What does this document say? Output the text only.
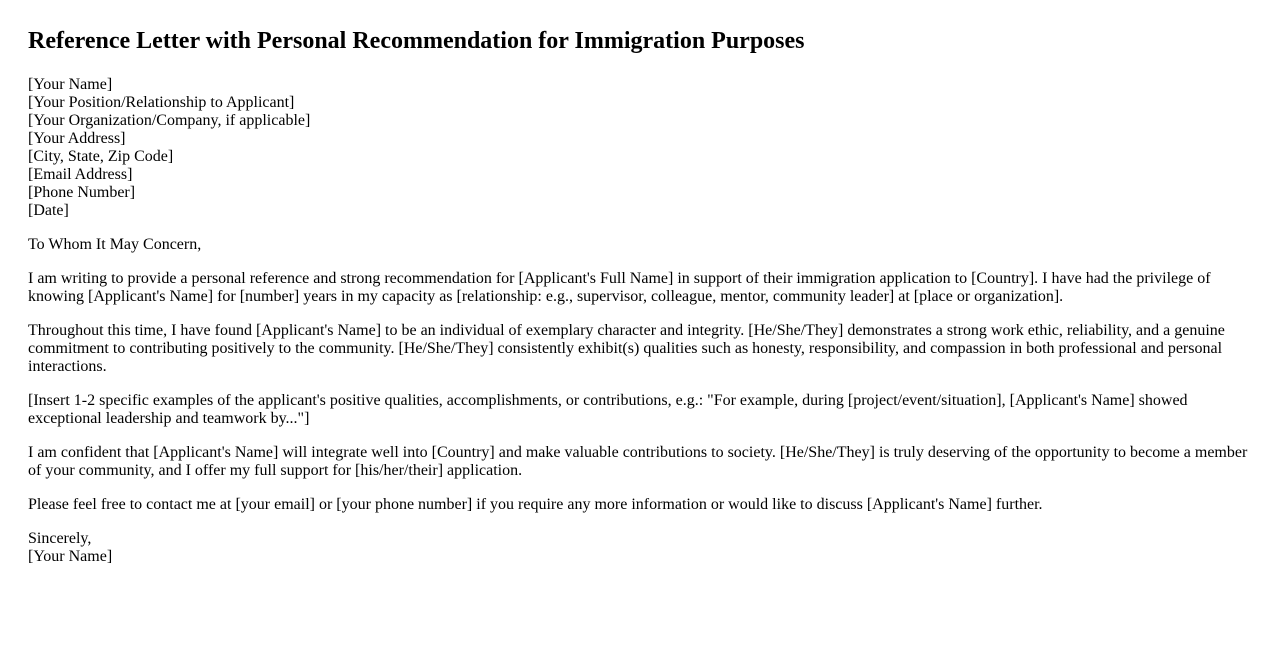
Reference Letter with Personal Recommendation for Immigration Purposes
[Your Name]
[Your Position/Relationship to Applicant]
[Your Organization/Company, if applicable]
[Your Address]
[City, State, Zip Code]
[Email Address]
[Phone Number]
[Date]

To Whom It May Concern,

I am writing to provide a personal reference and strong recommendation for [Applicant's Full Name] in support of their immigration application to [Country]. I have had the privilege of knowing [Applicant's Name] for [number] years in my capacity as [relationship: e.g., supervisor, colleague, mentor, community leader] at [place or organization].

Throughout this time, I have found [Applicant's Name] to be an individual of exemplary character and integrity. [He/She/They] demonstrates a strong work ethic, reliability, and a genuine commitment to contributing positively to the community. [He/She/They] consistently exhibit(s) qualities such as honesty, responsibility, and compassion in both professional and personal interactions.

[Insert 1-2 specific examples of the applicant's positive qualities, accomplishments, or contributions, e.g.: "For example, during [project/event/situation], [Applicant's Name] showed exceptional leadership and teamwork by..."]

I am confident that [Applicant's Name] will integrate well into [Country] and make valuable contributions to society. [He/She/They] is truly deserving of the opportunity to become a member of your community, and I offer my full support for [his/her/their] application.

Please feel free to contact me at [your email] or [your phone number] if you require any more information or would like to discuss [Applicant's Name] further.

Sincerely,
[Your Name]
